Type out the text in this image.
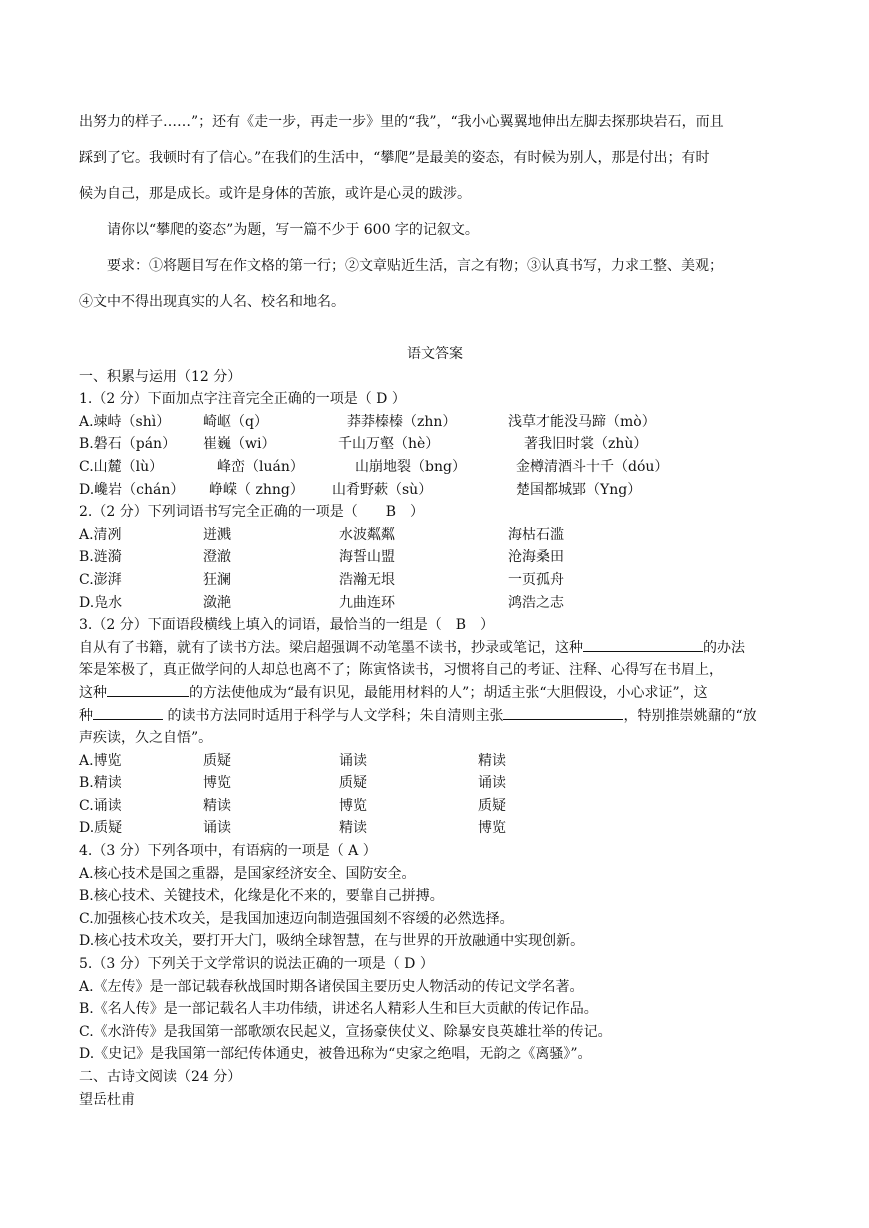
出努力的样子……”；还有《走一步，再走一步》里的“我”，“我小心翼翼地伸出左脚去探那块岩石，而且

踩到了它。我顿时有了信心。”在我们的生活中，“攀爬”是最美的姿态，有时候为别人，那是付出；有时

候为自己，那是成长。或许是身体的苦旅，或许是心灵的跋涉。

请你以“攀爬的姿态”为题，写一篇不少于 600 字的记叙文。

要求：①将题目写在作文格的第一行；②文章贴近生活，言之有物；③认真书写，力求工整、美观；

④文中不得出现真实的人名、校名和地名。

语文答案
一、积累与运用（12 分）
1.（2 分）下面加点字注音完全正确的一项是（ D ）
A.竦峙（shì） 崎岖（q）	莽莽榛榛（zhn）	浅草才能没马蹄（mò）
B.磐石（pán） 崔巍（wi）	千山万壑（hè）	著我旧时裳（zhù）
C.山麓（lù）	峰峦（luán）	山崩地裂（bng）	金樽清酒斗十千（dóu）
D.巉岩（chán） 峥嵘（ zhng） 山肴野蔌（sù）	楚国都城郢（Yng）
2.（2 分）下列词语书写完全正确的一项是（　　B　）
A.清冽	迸溅	水波粼粼	海枯石滥
B.涟漪	澄澈	海誓山盟	沧海桑田
C.澎湃	狂澜	浩瀚无垠	一页孤舟
D.凫水	潋滟	九曲连环	鸿浩之志
3.（2 分）下面语段横线上填入的词语，最恰当的一组是（　B　）
自从有了书籍，就有了读书方法。梁启超强调不动笔墨不读书，抄录或笔记，这种	的办法
笨是笨极了，真正做学问的人却总也离不了；陈寅恪读书，习惯将自己的考证、注释、心得写在书眉上，
这种	的方法使他成为“最有识见，最能用材料的人”；胡适主张“大胆假设，小心求证”，这
种	的读书方法同时适用于科学与人文学科；朱自清则主张	，特别推崇姚鼐的“放
声疾读，久之自悟”。
A.博览	质疑	诵读	精读
B.精读	博览	质疑	诵读
C.诵读	精读	博览	质疑
D.质疑	诵读	精读	博览
4.（3 分）下列各项中，有语病的一项是（ A ）
A.核心技术是国之重器，是国家经济安全、国防安全。
B.核心技术、关键技术，化缘是化不来的，要靠自己拼搏。
C.加强核心技术攻关，是我国加速迈向制造强国刻不容缓的必然选择。
D.核心技术攻关，要打开大门，吸纳全球智慧，在与世界的开放融通中实现创新。
5.（3 分）下列关于文学常识的说法正确的一项是（ D ）
A.《左传》是一部记载春秋战国时期各诸侯国主要历史人物活动的传记文学名著。
B.《名人传》是一部记载名人丰功伟绩，讲述名人精彩人生和巨大贡献的传记作品。
C.《水浒传》是我国第一部歌颂农民起义，宣扬豪侠仗义、除暴安良英雄壮举的传记。
D.《史记》是我国第一部纪传体通史，被鲁迅称为“史家之绝唱，无韵之《离骚》”。
二、古诗文阅读（24 分）
望岳杜甫
